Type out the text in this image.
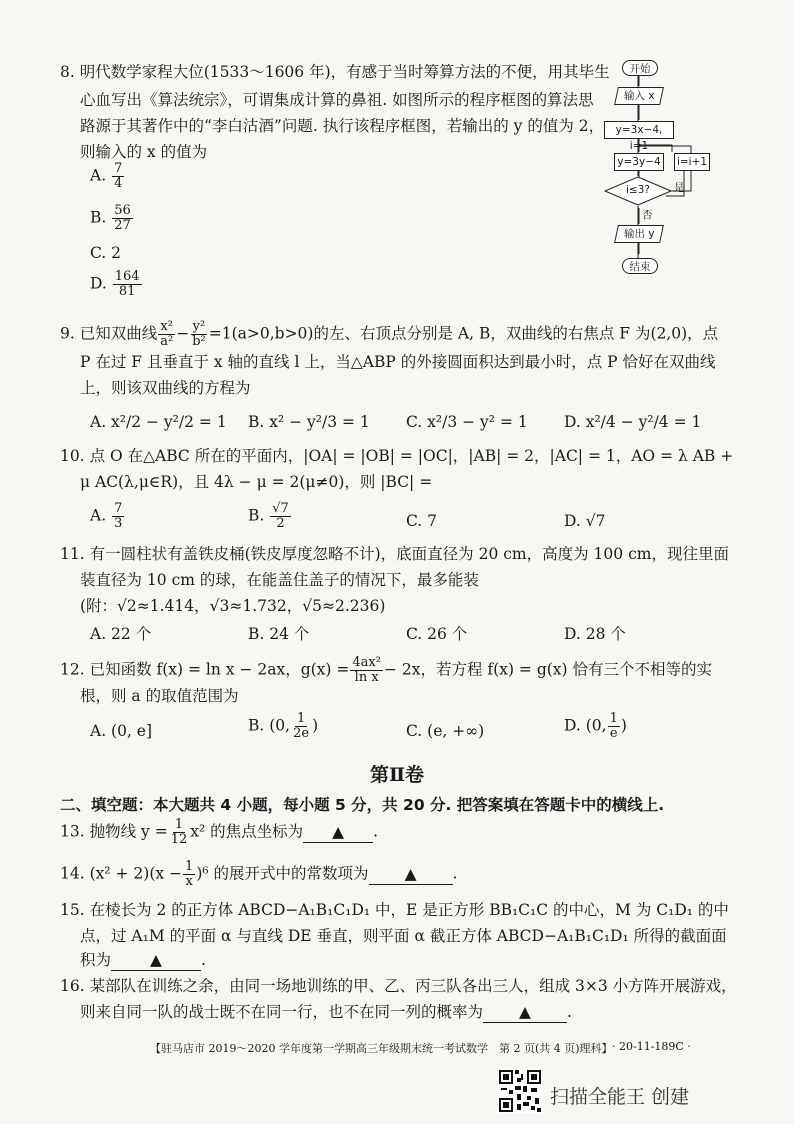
8. 明代数学家程大位(1533～1606 年)，有感于当时筹算方法的不便，用其毕生
心血写出《算法统宗》，可谓集成计算的鼻祖. 如图所示的程序框图的算法思
路源于其著作中的“李白沽酒”问题. 执行该程序框图，若输出的 y 的值为 2，
则输入的 x 的值为
A. $\frac{7}{4}$
B. $\frac{56}{27}$
C. 2
D. $\frac{164}{81}$
开始
输入 x
y=3x−4, i=1
y=3y−4	i=i+1
i≤3?	是
否
输出 y
结束
9. 已知双曲线 $\frac{\text{x²}}{\text{a²}} - \frac{\text{y²}}{\text{b²}} =1(a>0,b>0)$的左、右顶点分别是 A, B，双曲线的右焦点 F 为(2,0)，点
P 在过 F 且垂直于 x 轴的直线 l 上，当△ABP 的外接圆面积达到最小时，点 P 恰好在双曲线
上，则该双曲线的方程为
A. x²/2 − y²/2 = 1 B. x² − y²/3 = 1 C. x²/3 − y² = 1 D. x²/4 − y²/4 = 1
10. 点 O 在△ABC 所在的平面内，|OA| = |OB| = |OC|，|AB| = 2，|AC| = 1，AO = λ AB +
μ AC(λ,μ∈R)，且 4λ − μ = 2(μ≠0)，则 |BC| =
A. $\frac{7}{3}$	B. $\frac{√7}{2}$	C. 7	D. √7
11. 有一圆柱状有盖铁皮桶(铁皮厚度忽略不计)，底面直径为 20 cm，高度为 100 cm，现往里面
装直径为 10 cm 的球，在能盖住盖子的情况下，最多能装
(附：√2≈1.414，√3≈1.732，√5≈2.236)
A. 22 个	B. 24 个	C. 26 个	D. 28 个
12. 已知函数 f(x) = ln x − 2ax，$g(x) = \frac{\text{4ax²}}{\text{ln x}} - 2x$，若方程 f(x) = g(x) 恰有三个不相等的实
根，则 a 的取值范围为
A. (0, e]	B. (0, $\frac{1}{2e}$ )	C. (e, +∞)	D. (0, $\frac{1}{e}$ )
第Ⅱ卷
二、填空题：本大题共 4 小题，每小题 5 分，共 20 分. 把答案填在答题卡中的横线上.
13. 抛物线 $y = \frac{1}{12} x^2$ 的焦点坐标为 ▲ .
14. $(x^2 + 2)(x - \frac{1}{x} )^6$ 的展开式中的常数项为 ▲ .
15. 在棱长为 2 的正方体 ABCD−A₁B₁C₁D₁ 中，E 是正方形 BB₁C₁C 的中心，M 为 C₁D₁ 的中
点，过 A₁M 的平面 α 与直线 DE 垂直，则平面 α 截正方体 ABCD−A₁B₁C₁D₁ 所得的截面面
积为	▲	.
16. 某部队在训练之余，由同一场地训练的甲、乙、丙三队各出三人，组成 3×3 小方阵开展游戏，
则来自同一队的战士既不在同一行，也不在同一列的概率为 ▲ .
【驻马店市 2019～2020 学年度第一学期高三年级期末统一考试数学　第 2 页(共 4 页)理科】 · 20-11-189C ·
扫描全能王 创建
